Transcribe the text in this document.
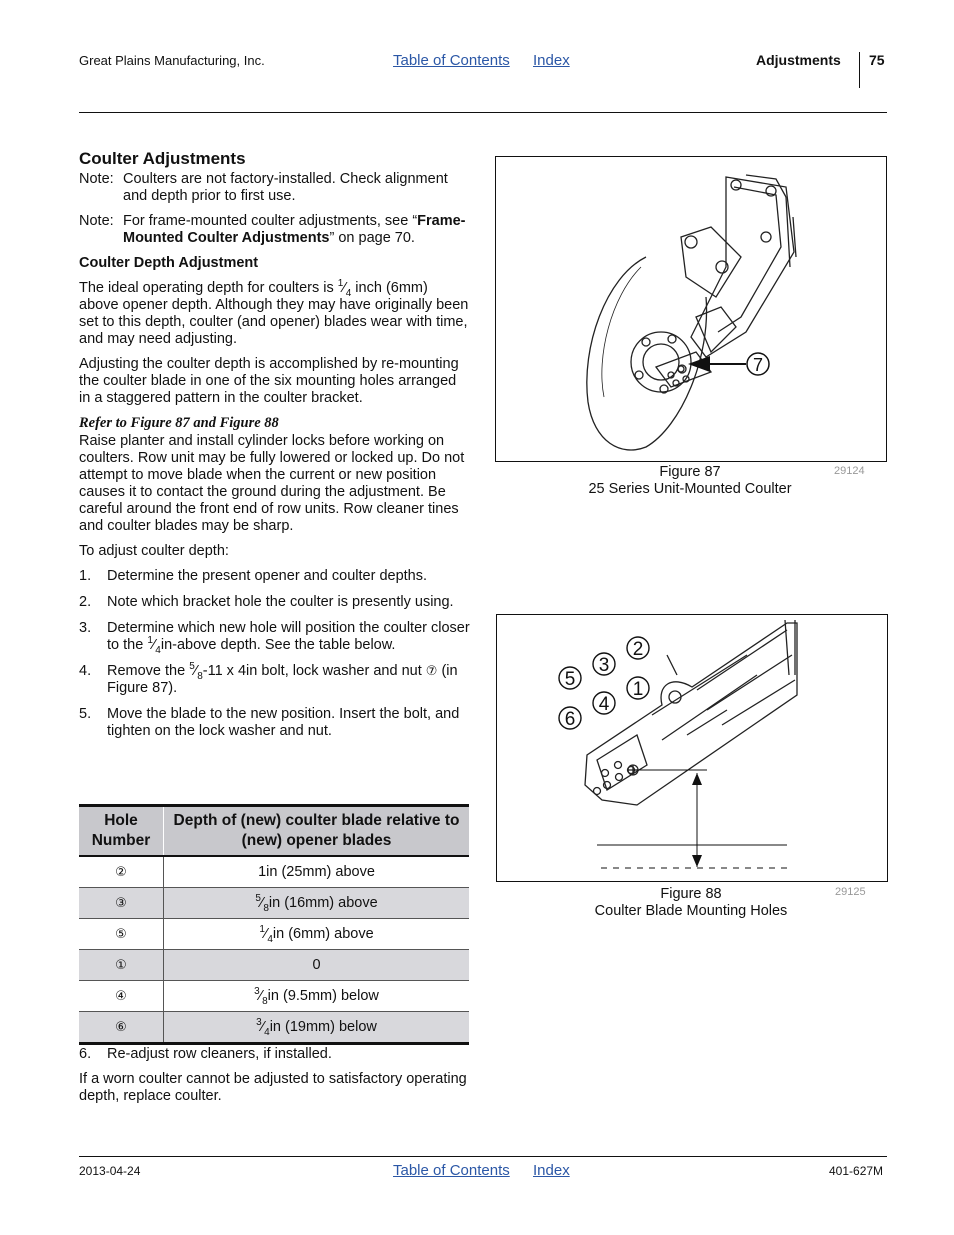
Great Plains Manufacturing, Inc.	Table of Contents Index	Adjustments 75
Coulter Adjustments
Note: Coulters are not factory-installed. Check alignment and depth prior to first use.
Note: For frame-mounted coulter adjustments, see “Frame-Mounted Coulter Adjustments” on page 70.
Coulter Depth Adjustment

The ideal operating depth for coulters is $^1⁄_4$ inch (6mm) above opener depth. Although they may have originally been set to this depth, coulter (and opener) blades wear with time, and may need adjusting.

Adjusting the coulter depth is accomplished by re-mounting the coulter blade in one of the six mounting holes arranged in a staggered pattern in the coulter bracket.

Refer to Figure 87 and Figure 88

Raise planter and install cylinder locks before working on coulters. Row unit may be fully lowered or locked up. Do not attempt to move blade when the current or new position causes it to contact the ground during the adjustment. Be careful around the front end of row units. Row cleaner tines and coulter blades may be sharp.

To adjust coulter depth:

1.	Determine the present opener and coulter depths.
2.	Note which bracket hole the coulter is presently using.
3.	Determine which new hole will position the coulter closer to the $^1⁄_4in$-above depth. See the table below.
4.	Remove the $^5⁄_8-11$ x 4in bolt, lock washer and nut ⑦ (in Figure 87).
5.	Move the blade to the new position. Insert the bolt, and tighten on the lock washer and nut.
Hole Number	Depth of (new) coulter blade relative to (new) opener blades
②	1in (25mm) above
③	$^5⁄_8in$ (16mm) above
⑤	$^1⁄_4in$ (6mm) above
①	0
④	$^3⁄_8in$ (9.5mm) below
⑥	$^3⁄_4in$ (19mm) below
6.	Re-adjust row cleaners, if installed.

If a worn coulter cannot be adjusted to satisfactory operating depth, replace coulter.

7
Figure 87
25 Series Unit-Mounted Coulter
29124
2
3
5	1
4
6
Figure 88
Coulter Blade Mounting Holes
29125
2013-04-24	Table of Contents Index	401-627M
